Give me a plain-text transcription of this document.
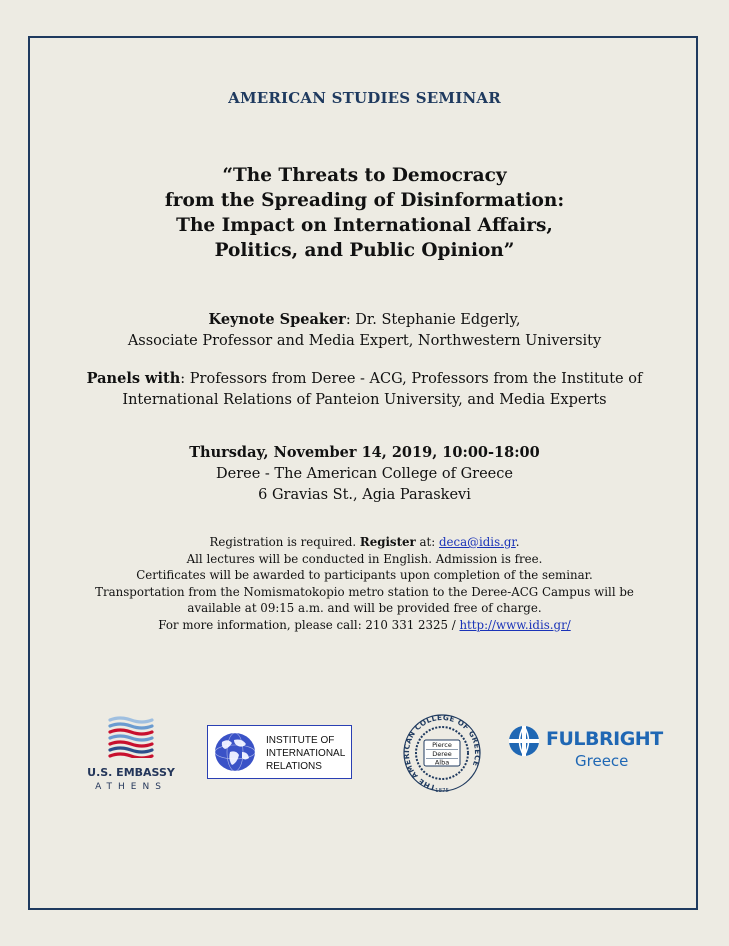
AMERICAN STUDIES SEMINAR
“The Threats to Democracy
from the Spreading of Disinformation:
The Impact on International Affairs,
Politics, and Public Opinion”
Keynote Speaker: Dr. Stephanie Edgerly,
Associate Professor and Media Expert, Northwestern University
Panels with: Professors from Deree - ACG, Professors from the Institute of
International Relations of Panteion University, and Media Experts
Thursday, November 14, 2019, 10:00-18:00
Deree - The American College of Greece
6 Gravias St., Agia Paraskevi
Registration is required. Register at: deca@idis.gr.
All lectures will be conducted in English. Admission is free.
Certificates will be awarded to participants upon completion of the seminar.
Transportation from the Nomismatokopio metro station to the Deree-ACG Campus will be
available at 09:15 a.m. and will be provided free of charge.
For more information, please call: 210 331 2325 / http://www.idis.gr/
U.S. EMBASSY
ATHENS
INSTITUTE OF
INTERNATIONAL
RELATIONS
THE AMERICAN COLLEGE OF GREECE
Pierce
Deree
Alba
1875
FULBRIGHT
Greece
